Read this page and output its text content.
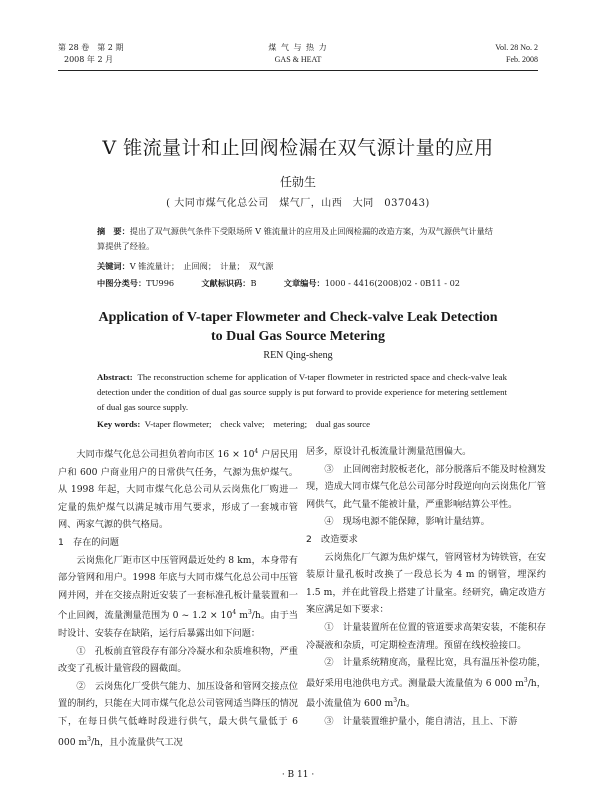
第 28 卷　第 2 期
2008 年 2 月
煤 气 与 热 力
GAS & HEAT
Vol. 28 No. 2
Feb. 2008
V 锥流量计和止回阀检漏在双气源计量的应用
任勍生
( 大同市煤气化总公司　煤气厂，山西　大同　037043)
摘　要：提出了双气源供气条件下受限场所 V 锥流量计的应用及止回阀检漏的改造方案，为双气源供气计量结算提供了经验。
关键词：V 锥流量计；　止回阀；　计量；　双气源
中图分类号：TU996	文献标识码：B	文章编号：1000 - 4416(2008)02 - 0B11 - 02
Application of V-taper Flowmeter and Check-valve Leak Detection
to Dual Gas Source Metering
REN Qing-sheng
Abstract: The reconstruction scheme for application of V-taper flowmeter in restricted space and check-valve leak detection under the condition of dual gas source supply is put forward to provide experience for metering settlement of dual gas source supply.
Key words: V-taper flowmeter;　check valve;　metering;　dual gas source

大同市煤气化总公司担负着向市区 $16 \times 10^4$ 户居民用户和 600 户商业用户的日常供气任务，气源为焦炉煤气。从 1998 年起，大同市煤气化总公司从云岗焦化厂购进一定量的焦炉煤气以满足城市用气要求，形成了一套城市管网、两家气源的供气格局。

1　存在的问题

云岗焦化厂距市区中压管网最近处约 8 km，本身带有部分管网和用户。1998 年底与大同市煤气化总公司中压管网并网，并在交接点附近安装了一套标准孔板计量装置和一个止回阀，流量测量范围为 0 ~ $1.2 \times 10^4$ $m^3/h$。由于当时设计、安装存在缺陷，运行后暴露出如下问题：

①　孔板前直管段存有部分冷凝水和杂质堆积物，严重改变了孔板计量管段的圆截面。

②　云岗焦化厂受供气能力、加压设备和管网交接点位置的制约，只能在大同市煤气化总公司管网适当降压的情况下，在每日供气低峰时段进行供气，最大供气量低于 6 000 $m^3/h$，且小流量供气工况

居多，原设计孔板流量计测量范围偏大。

③　止回阀密封胶板老化，部分脱落后不能及时检测发现，造成大同市煤气化总公司部分时段逆向向云岗焦化厂管网供气，此气量不能被计量，严重影响结算公平性。

④　现场电源不能保障，影响计量结算。

2　改造要求

云岗焦化厂气源为焦炉煤气，管网管材为铸铁管，在安装原计量孔板时改换了一段总长为 4 m 的钢管，埋深约 1.5 m，并在此管段上搭建了计量室。经研究，确定改造方案应满足如下要求：

①　计量装置所在位置的管道要求高架安装，不能积存冷凝液和杂质，可定期检查清理。预留在线校验接口。

②　计量系统精度高，量程比宽，具有温压补偿功能，最好采用电池供电方式。测量最大流量值为 6 000 $m^3/h$，最小流量值为 600 $m^3/h$。

③　计量装置维护量小，能自清洁，且上、下游

· B 11 ·
